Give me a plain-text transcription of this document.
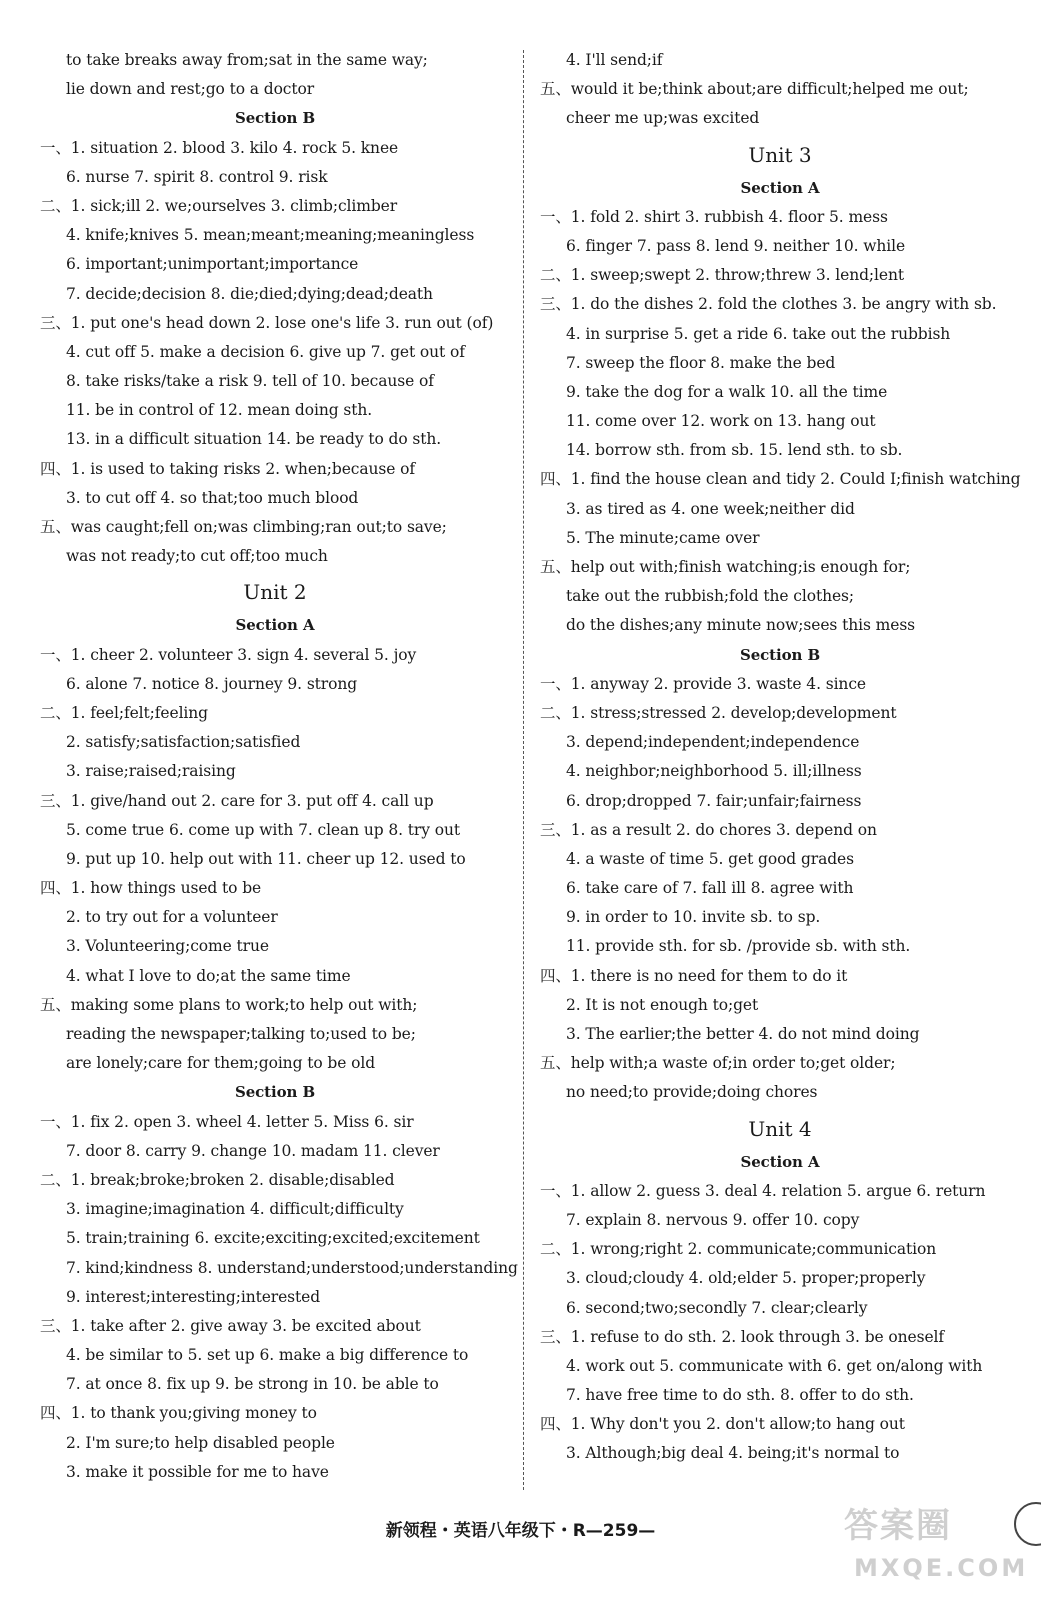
to take breaks away from;sat in the same way;
lie down and rest;go to a doctor
Section B
一、1. situation 2. blood 3. kilo 4. rock 5. knee
6. nurse 7. spirit 8. control 9. risk
二、1. sick;ill 2. we;ourselves 3. climb;climber
4. knife;knives 5. mean;meant;meaning;meaningless
6. important;unimportant;importance
7. decide;decision 8. die;died;dying;dead;death
三、1. put one's head down 2. lose one's life 3. run out (of)
4. cut off 5. make a decision 6. give up 7. get out of
8. take risks/take a risk 9. tell of 10. because of
11. be in control of 12. mean doing sth.
13. in a difficult situation 14. be ready to do sth.
四、1. is used to taking risks 2. when;because of
3. to cut off 4. so that;too much blood
五、was caught;fell on;was climbing;ran out;to save;
was not ready;to cut off;too much
Unit 2
Section A
一、1. cheer 2. volunteer 3. sign 4. several 5. joy
6. alone 7. notice 8. journey 9. strong
二、1. feel;felt;feeling
2. satisfy;satisfaction;satisfied
3. raise;raised;raising
三、1. give/hand out 2. care for 3. put off 4. call up
5. come true 6. come up with 7. clean up 8. try out
9. put up 10. help out with 11. cheer up 12. used to
四、1. how things used to be
2. to try out for a volunteer
3. Volunteering;come true
4. what I love to do;at the same time
五、making some plans to work;to help out with;
reading the newspaper;talking to;used to be;
are lonely;care for them;going to be old
Section B
一、1. fix 2. open 3. wheel 4. letter 5. Miss 6. sir
7. door 8. carry 9. change 10. madam 11. clever
二、1. break;broke;broken 2. disable;disabled
3. imagine;imagination 4. difficult;difficulty
5. train;training 6. excite;exciting;excited;excitement
7. kind;kindness 8. understand;understood;understanding
9. interest;interesting;interested
三、1. take after 2. give away 3. be excited about
4. be similar to 5. set up 6. make a big difference to
7. at once 8. fix up 9. be strong in 10. be able to
四、1. to thank you;giving money to
2. I'm sure;to help disabled people
3. make it possible for me to have
4. I'll send;if
五、would it be;think about;are difficult;helped me out;
cheer me up;was excited
Unit 3
Section A
一、1. fold 2. shirt 3. rubbish 4. floor 5. mess
6. finger 7. pass 8. lend 9. neither 10. while
二、1. sweep;swept 2. throw;threw 3. lend;lent
三、1. do the dishes 2. fold the clothes 3. be angry with sb.
4. in surprise 5. get a ride 6. take out the rubbish
7. sweep the floor 8. make the bed
9. take the dog for a walk 10. all the time
11. come over 12. work on 13. hang out
14. borrow sth. from sb. 15. lend sth. to sb.
四、1. find the house clean and tidy 2. Could I;finish watching
3. as tired as 4. one week;neither did
5. The minute;came over
五、help out with;finish watching;is enough for;
take out the rubbish;fold the clothes;
do the dishes;any minute now;sees this mess
Section B
一、1. anyway 2. provide 3. waste 4. since
二、1. stress;stressed 2. develop;development
3. depend;independent;independence
4. neighbor;neighborhood 5. ill;illness
6. drop;dropped 7. fair;unfair;fairness
三、1. as a result 2. do chores 3. depend on
4. a waste of time 5. get good grades
6. take care of 7. fall ill 8. agree with
9. in order to 10. invite sb. to sp.
11. provide sth. for sb. /provide sb. with sth.
四、1. there is no need for them to do it
2. It is not enough to;get
3. The earlier;the better 4. do not mind doing
五、help with;a waste of;in order to;get older;
no need;to provide;doing chores
Unit 4
Section A
一、1. allow 2. guess 3. deal 4. relation 5. argue 6. return
7. explain 8. nervous 9. offer 10. copy
二、1. wrong;right 2. communicate;communication
3. cloud;cloudy 4. old;elder 5. proper;properly
6. second;two;secondly 7. clear;clearly
三、1. refuse to do sth. 2. look through 3. be oneself
4. work out 5. communicate with 6. get on/along with
7. have free time to do sth. 8. offer to do sth.
四、1. Why don't you 2. don't allow;to hang out
3. Although;big deal 4. being;it's normal to
新领程・英语八年级下・R—259—	答案圈
MXQE.COM
